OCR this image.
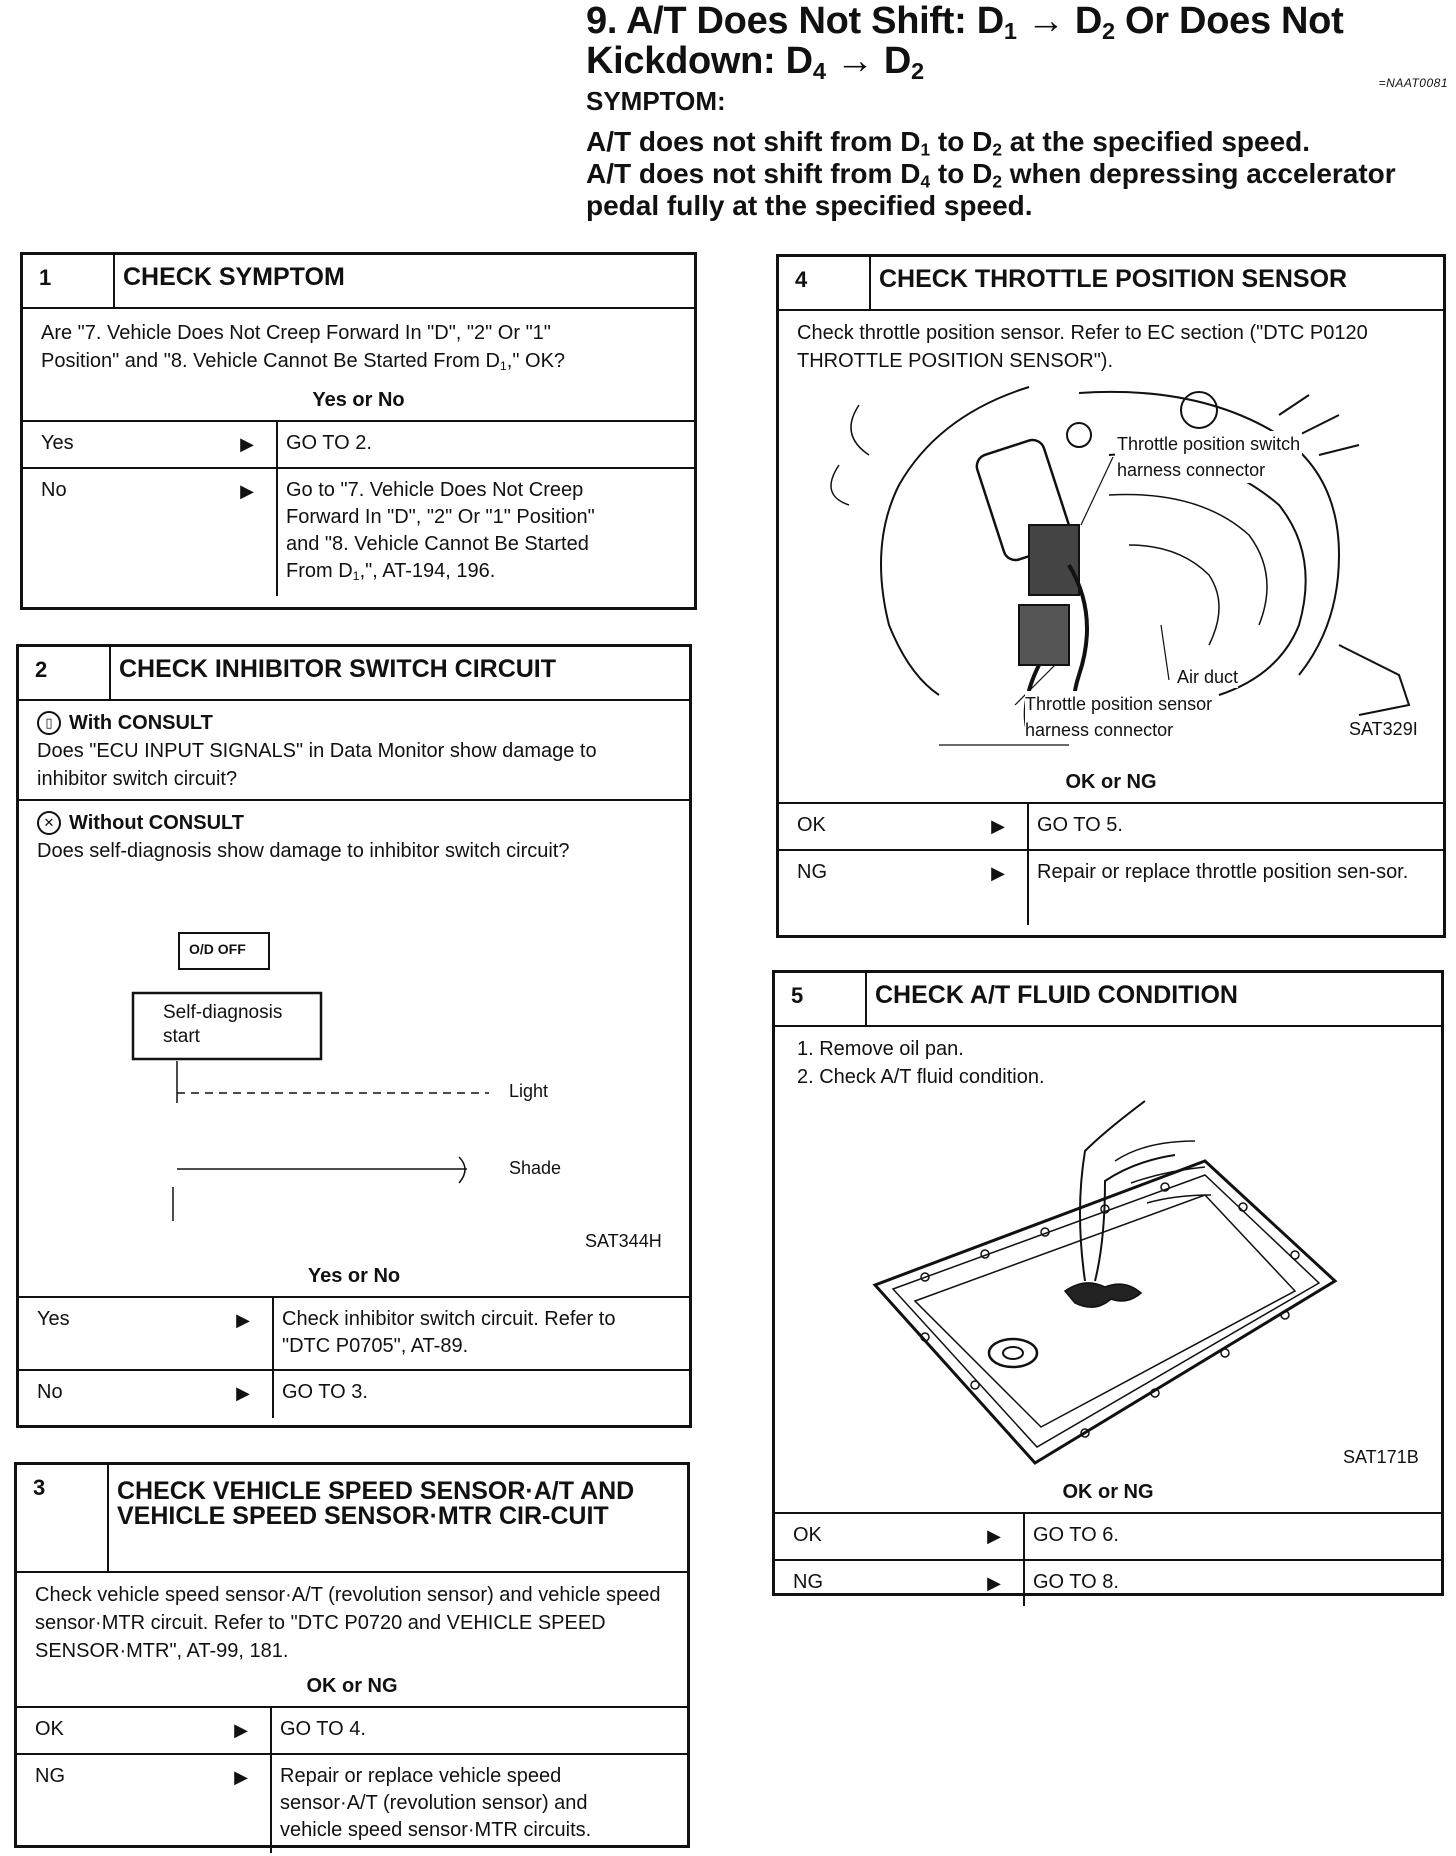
9. A/T Does Not Shift: $D_1 \to D_2$ Or Does Not
Kickdown: $D_4 \to D_2$	=NAAT0081
SYMPTOM:
A/T does not shift from $D_1$ to $D_2$ at the specified speed.
A/T does not shift from $D_4$ to $D_2$ when depressing accelerator
pedal fully at the specified speed.
1	CHECK SYMPTOM
Are "7. Vehicle Does Not Creep Forward In "D", "2" Or "1"
Position" and "8. Vehicle Cannot Be Started From $D_1$," OK?
Yes or No
Yes	▶	GO TO 2.
No	▶ Go to "7. Vehicle Does Not Creep
Forward In "D", "2" Or "1" Position"
and "8. Vehicle Cannot Be Started
From $D_1$,", AT-194, 196.
2	CHECK INHIBITOR SWITCH CIRCUIT
▯ With CONSULT
Does "ECU INPUT SIGNALS" in Data Monitor show damage to inhibitor switch circuit?
✕ Without CONSULT
Does self-diagnosis show damage to inhibitor switch circuit?
O/D OFF
Self-diagnosis
start
Light
Shade
SAT344H
Yes or No
Yes	▶	Check inhibitor switch circuit. Refer to "DTC P0705", AT-89.
No	▶	GO TO 3.
3	CHECK VEHICLE SPEED SENSOR·A/T AND VEHICLE SPEED SENSOR·MTR CIR-CUIT
Check vehicle speed sensor·A/T (revolution sensor) and vehicle speed sensor·MTR circuit. Refer to "DTC P0720 and VEHICLE SPEED SENSOR·MTR", AT-99, 181.
OK or NG
OK	▶	GO TO 4.
NG	▶	Repair or replace vehicle speed sensor·A/T (revolution sensor) and vehicle speed sensor·MTR circuits.
4	CHECK THROTTLE POSITION SENSOR
Check throttle position sensor. Refer to EC section ("DTC P0120 THROTTLE POSITION SENSOR").
Throttle position switch
harness connector
Air duct
Throttle position sensor
harness connector	SAT329I
OK or NG
OK	▶	GO TO 5.
NG	▶	Repair or replace throttle position sen-sor.
5	CHECK A/T FLUID CONDITION
1. Remove oil pan.
2. Check A/T fluid condition.
SAT171B
OK or NG
OK	▶	GO TO 6.
NG	▶	GO TO 8.
